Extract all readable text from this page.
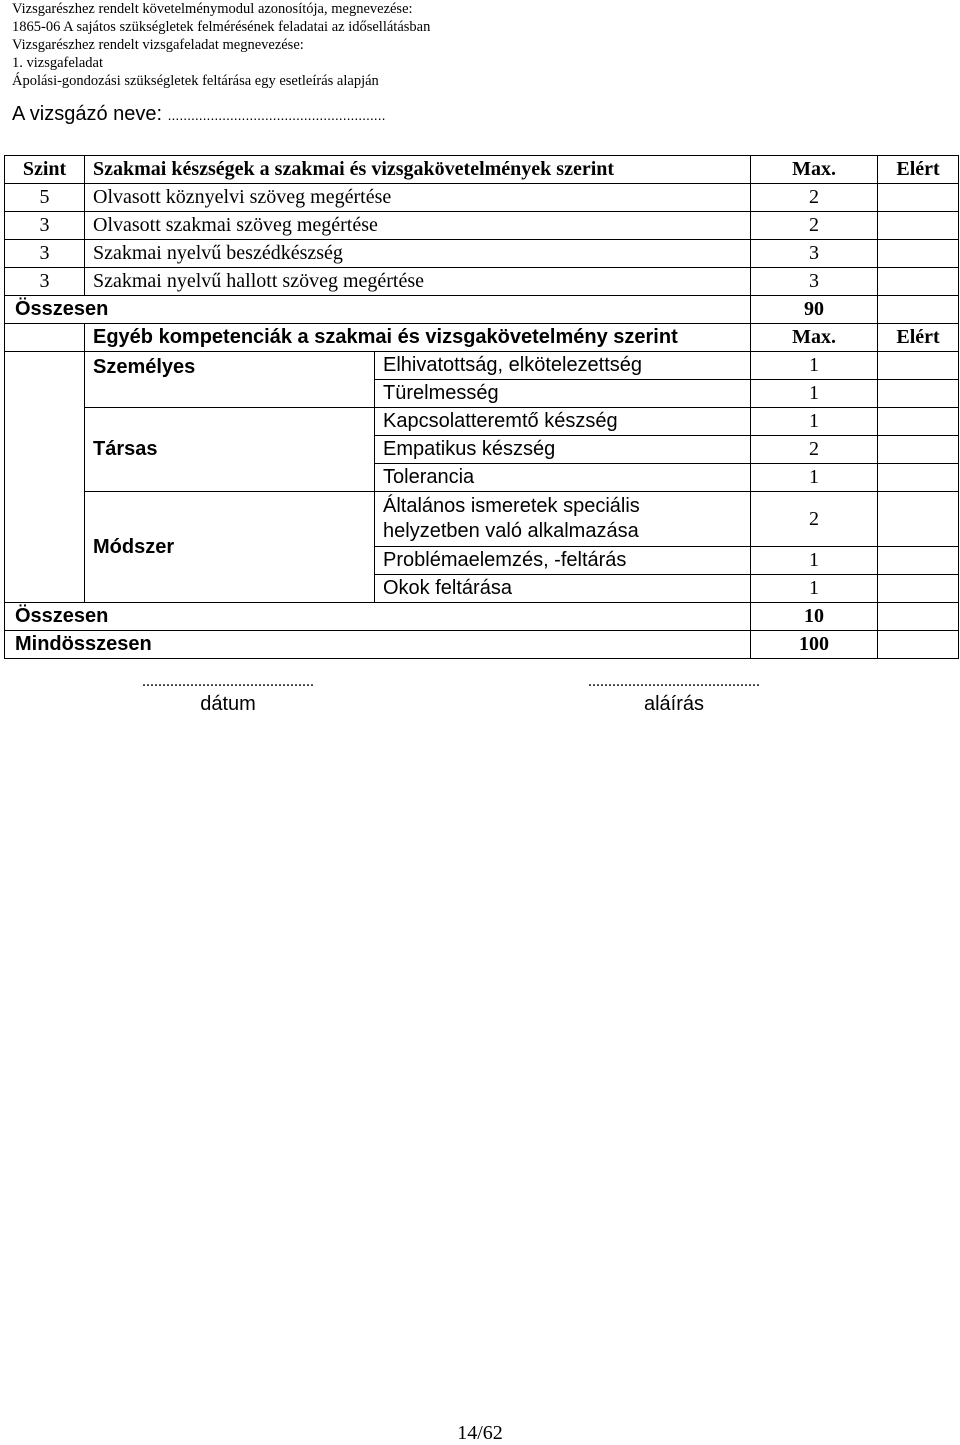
Vizsgarészhez rendelt követelménymodul azonosítója, megnevezése:
1865-06 A sajátos szükségletek felmérésének feladatai az idősellátásban
Vizsgarészhez rendelt vizsgafeladat megnevezése:
1. vizsgafeladat
Ápolási-gondozási szükségletek feltárása egy esetleírás alapján
A vizsgázó neve: ........................................................
Szint	Szakmai készségek a szakmai és vizsgakövetelmények szerint		Max.	Elért
5	Olvasott köznyelvi szöveg megértése		2	
3	Olvasott szakmai szöveg megértése		2	
3	Szakmai nyelvű beszédkészség		3	
3	Szakmai nyelvű hallott szöveg megértése		3	
Összesen			90	
	Egyéb kompetenciák a szakmai és vizsgakövetelmény szerint		Max.	Elért
	Személyes	Elhivatottság, elkötelezettség	1	
		Türelmesség	1	
	Társas	Kapcsolatteremtő készség	1	
		Empatikus készség	2	
		Tolerancia	1	
	Módszer	Általános ismeretek speciális
helyzetben való alkalmazása	2	
		Problémaelemzés, -feltárás	1	
		Okok feltárása	1	
Összesen			10	
Mindösszesen			100	
...........................................
dátum
...........................................
aláírás
14/62
